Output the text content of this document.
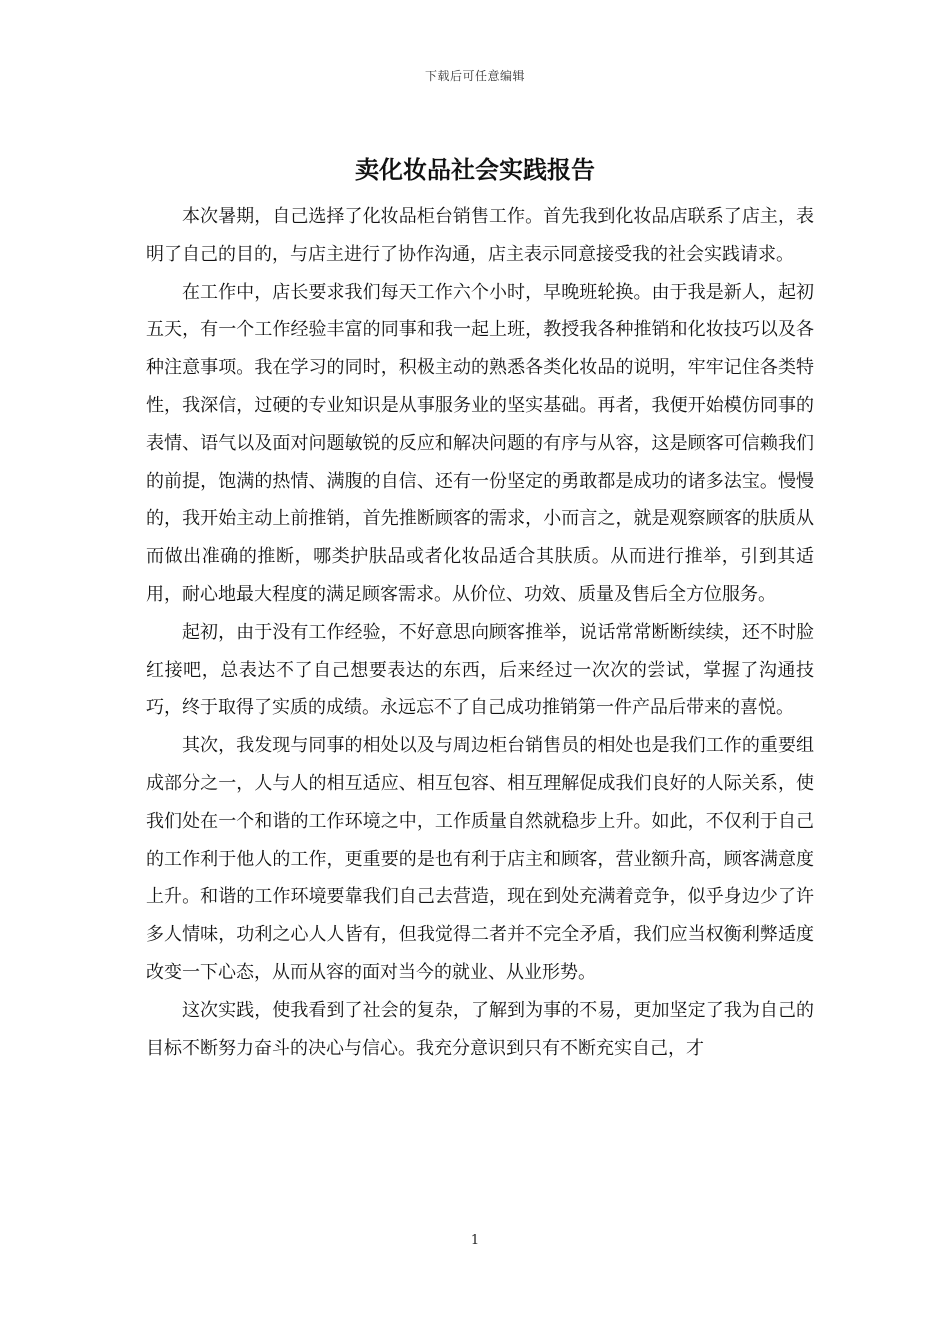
下载后可任意编辑
卖化妆品社会实践报告

本次暑期，自己选择了化妆品柜台销售工作。首先我到化妆品店联系了店主，表明了自己的目的，与店主进行了协作沟通，店主表示同意接受我的社会实践请求。

在工作中，店长要求我们每天工作六个小时，早晚班轮换。由于我是新人，起初五天，有一个工作经验丰富的同事和我一起上班，教授我各种推销和化妆技巧以及各种注意事项。我在学习的同时，积极主动的熟悉各类化妆品的说明，牢牢记住各类特性，我深信，过硬的专业知识是从事服务业的坚实基础。再者，我便开始模仿同事的表情、语气以及面对问题敏锐的反应和解决问题的有序与从容，这是顾客可信赖我们的前提，饱满的热情、满腹的自信、还有一份坚定的勇敢都是成功的诸多法宝。慢慢的，我开始主动上前推销，首先推断顾客的需求，小而言之，就是观察顾客的肤质从而做出准确的推断，哪类护肤品或者化妆品适合其肤质。从而进行推举，引到其适用，耐心地最大程度的满足顾客需求。从价位、功效、质量及售后全方位服务。

起初，由于没有工作经验，不好意思向顾客推举，说话常常断断续续，还不时脸红接吧，总表达不了自己想要表达的东西，后来经过一次次的尝试，掌握了沟通技巧，终于取得了实质的成绩。永远忘不了自己成功推销第一件产品后带来的喜悦。

其次，我发现与同事的相处以及与周边柜台销售员的相处也是我们工作的重要组成部分之一，人与人的相互适应、相互包容、相互理解促成我们良好的人际关系，使我们处在一个和谐的工作环境之中，工作质量自然就稳步上升。如此，不仅利于自己的工作利于他人的工作，更重要的是也有利于店主和顾客，营业额升高，顾客满意度上升。和谐的工作环境要靠我们自己去营造，现在到处充满着竞争，似乎身边少了许多人情味，功利之心人人皆有，但我觉得二者并不完全矛盾，我们应当权衡利弊适度改变一下心态，从而从容的面对当今的就业、从业形势。

这次实践，使我看到了社会的复杂，了解到为事的不易，更加坚定了我为自己的目标不断努力奋斗的决心与信心。我充分意识到只有不断充实自己，才

1
